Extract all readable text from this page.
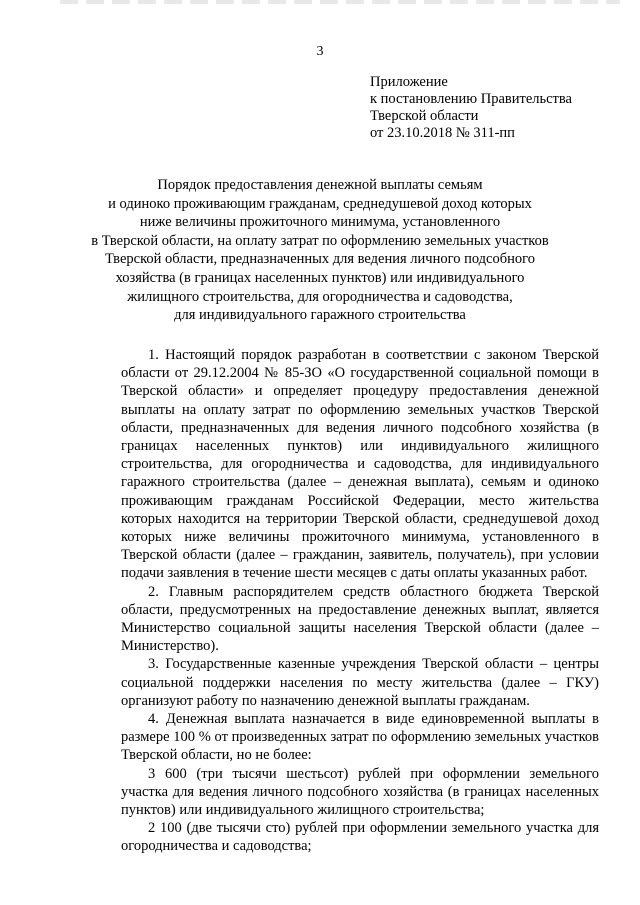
3
Приложение
к постановлению Правительства
Тверской области
от 23.10.2018 № 311-пп
Порядок предоставления денежной выплаты семьям
и одиноко проживающим гражданам, среднедушевой доход которых
ниже величины прожиточного минимума, установленного
в Тверской области, на оплату затрат по оформлению земельных участков
Тверской области, предназначенных для ведения личного подсобного
хозяйства (в границах населенных пунктов) или индивидуального
жилищного строительства, для огородничества и садоводства,
для индивидуального гаражного строительства

1. Настоящий порядок разработан в соответствии с законом Тверской области от 29.12.2004 № 85-ЗО «О государственной социальной помощи в Тверской области» и определяет процедуру предоставления денежной выплаты на оплату затрат по оформлению земельных участков Тверской области, предназначенных для ведения личного подсобного хозяйства (в границах населенных пунктов) или индивидуального жилищного строительства, для огородничества и садоводства, для индивидуального гаражного строительства (далее – денежная выплата), семьям и одиноко проживающим гражданам Российской Федерации, место жительства которых находится на территории Тверской области, среднедушевой доход которых ниже величины прожиточного минимума, установленного в Тверской области (далее – гражданин, заявитель, получатель), при условии подачи заявления в течение шести месяцев с даты оплаты указанных работ.

2. Главным распорядителем средств областного бюджета Тверской области, предусмотренных на предоставление денежных выплат, является Министерство социальной защиты населения Тверской области (далее – Министерство).

3. Государственные казенные учреждения Тверской области – центры социальной поддержки населения по месту жительства (далее – ГКУ) организуют работу по назначению денежной выплаты гражданам.

4. Денежная выплата назначается в виде единовременной выплаты в размере 100 % от произведенных затрат по оформлению земельных участков Тверской области, но не более:

3 600 (три тысячи шестьсот) рублей при оформлении земельного участка для ведения личного подсобного хозяйства (в границах населенных пунктов) или индивидуального жилищного строительства;

2 100 (две тысячи сто) рублей при оформлении земельного участка для огородничества и садоводства;
